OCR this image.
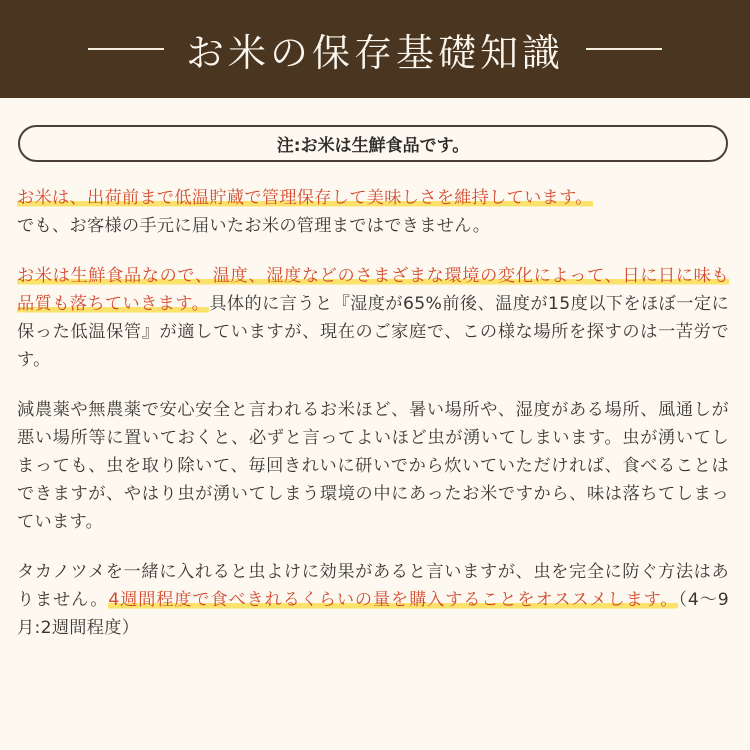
お米の保存基礎知識
注:お米は生鮮食品です。

お米は、出荷前まで低温貯蔵で管理保存して美味しさを維持しています。
でも、お客様の手元に届いたお米の管理まではできません。

お米は生鮮食品なので、温度、湿度などのさまざまな環境の変化によって、日に日に味も品質も落ちていきます。具体的に言うと『湿度が65%前後、温度が15度以下をほぼ一定に保った低温保管』が適していますが、現在のご家庭で、この様な場所を探すのは一苦労です。

減農薬や無農薬で安心安全と言われるお米ほど、暑い場所や、湿度がある場所、風通しが悪い場所等に置いておくと、必ずと言ってよいほど虫が湧いてしまいます。虫が湧いてしまっても、虫を取り除いて、毎回きれいに研いでから炊いていただければ、食べることはできますが、やはり虫が湧いてしまう環境の中にあったお米ですから、味は落ちてしまっています。

タカノツメを一緒に入れると虫よけに効果があると言いますが、虫を完全に防ぐ方法はありません。4週間程度で食べきれるくらいの量を購入することをオススメします。（4～9月:2週間程度）
